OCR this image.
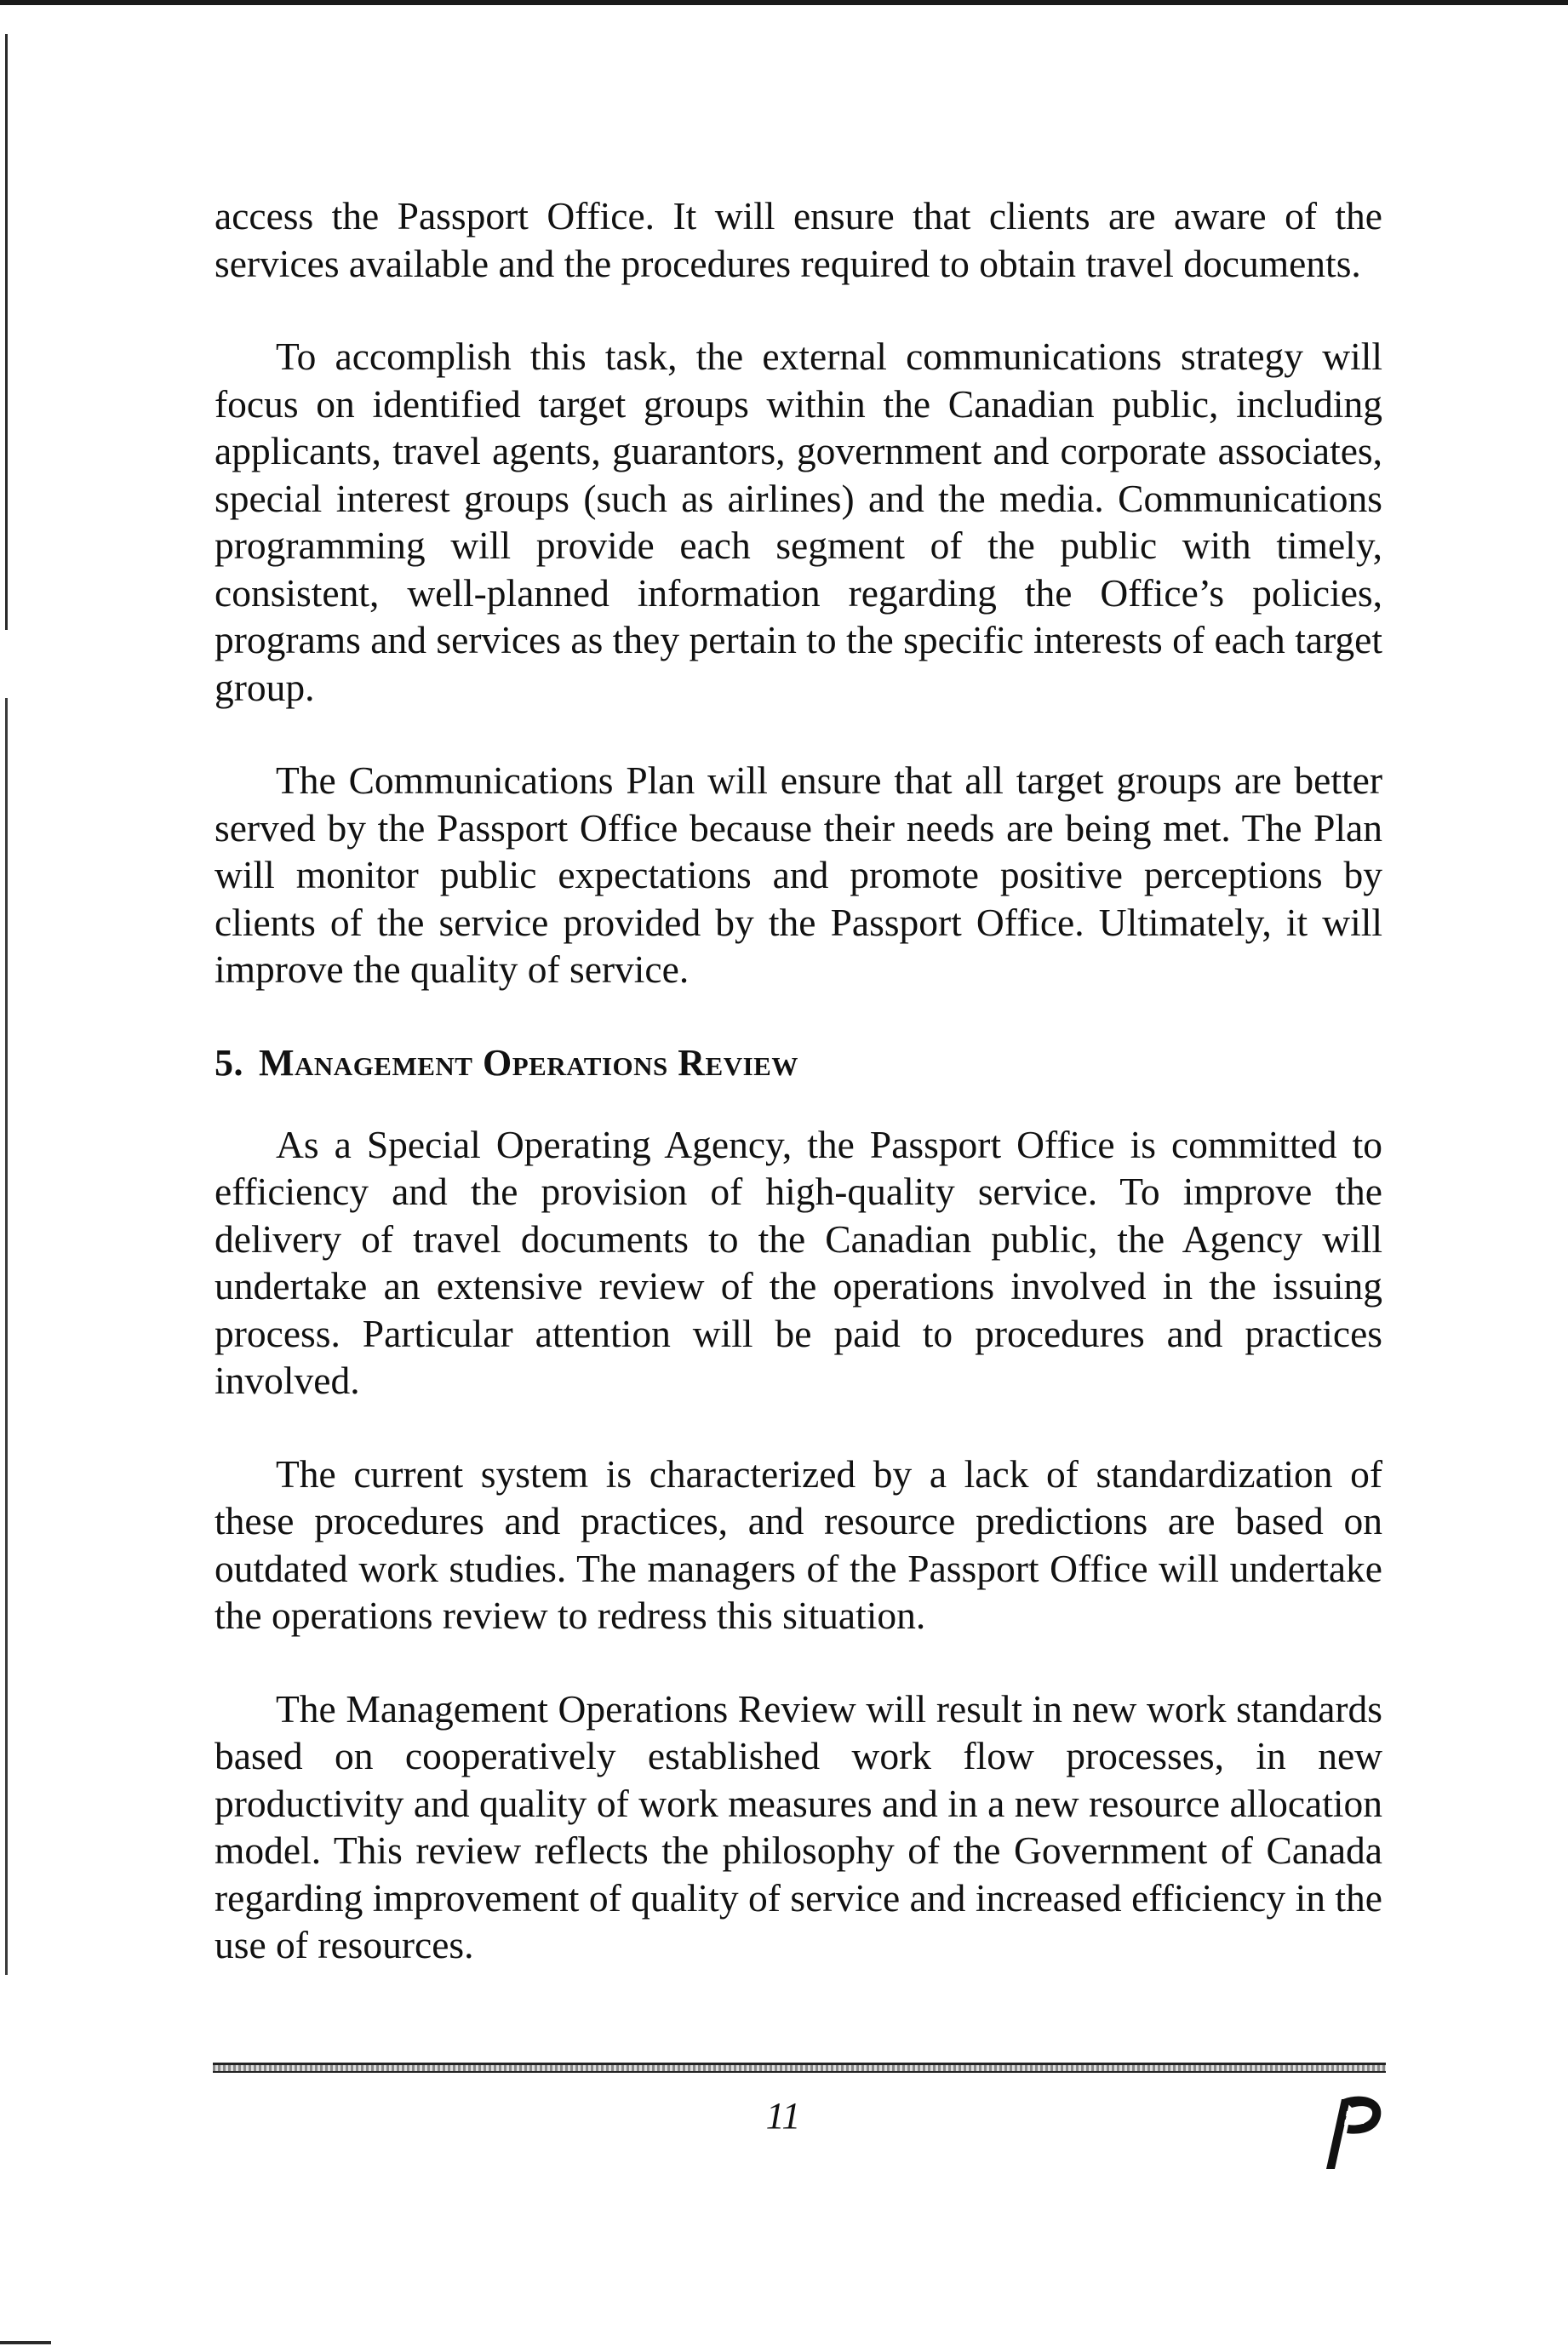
access the Passport Office. It will ensure that clients are aware of the services available and the procedures required to obtain travel documents.

To accomplish this task, the external communications strategy will focus on identified target groups within the Canadian public, including applicants, travel agents, guarantors, government and corporate associates, special interest groups (such as airlines) and the media. Communications programming will provide each segment of the public with timely, consistent, well-planned information regarding the Office’s policies, programs and services as they pertain to the specific interests of each target group.

The Communications Plan will ensure that all target groups are better served by the Passport Office because their needs are being met. The Plan will monitor public expectations and promote positive perceptions by clients of the service provided by the Passport Office. Ultimately, it will improve the quality of service.

5. Management Operations Review

As a Special Operating Agency, the Passport Office is committed to efficiency and the provision of high-quality service. To improve the delivery of travel documents to the Canadian public, the Agency will undertake an extensive review of the operations involved in the issuing process. Particular attention will be paid to procedures and practices involved.

The current system is characterized by a lack of standardization of these procedures and practices, and resource predictions are based on outdated work studies. The managers of the Passport Office will undertake the operations review to redress this situation.

The Management Operations Review will result in new work standards based on cooperatively established work flow processes, in new productivity and quality of work measures and in a new resource allocation model. This review reflects the philosophy of the Government of Canada regarding improvement of quality of service and increased efficiency in the use of resources.

11
